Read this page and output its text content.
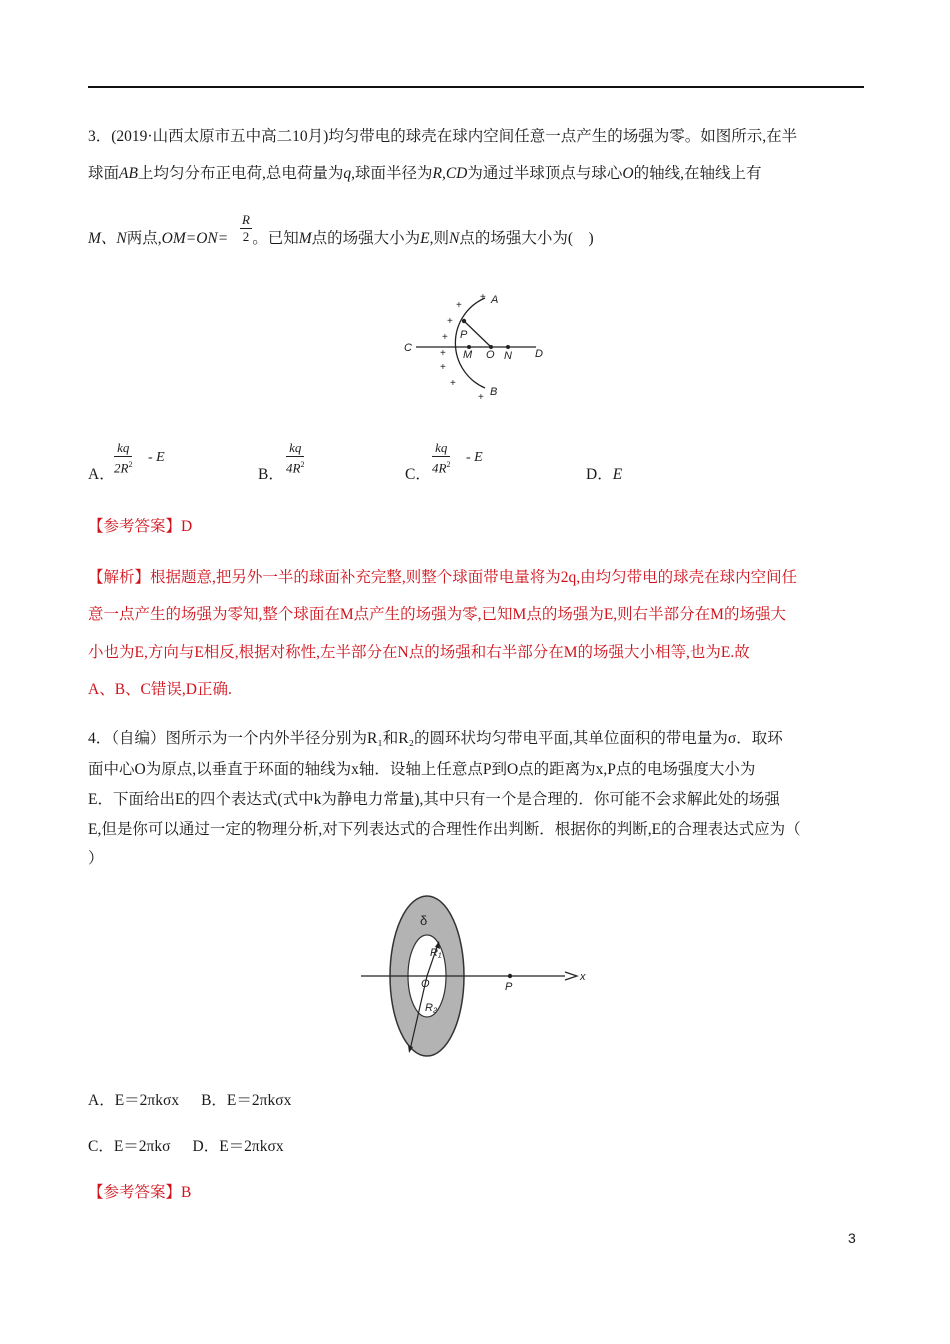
3．(2019·山西太原市五中高二10月)均匀带电的球壳在球内空间任意一点产生的场强为零。如图所示,在半
球面AB上均匀分布正电荷,总电荷量为q,球面半径为R,CD为通过半球顶点与球心O的轴线,在轴线上有
M、N两点,OM=ON= 。已知M点的场强大小为E,则N点的场强大小为(　)
$\frac{R}{2}$
A
B
C	D
P
M O N
+
+
+
+
+
+
+
+
A． $\frac{kq}{2R^2}$ - E
B． $\frac{kq}{4R^2}$	C． $\frac{kq}{4R^2}$ - E
D．E
【参考答案】D
【解析】根据题意,把另外一半的球面补充完整,则整个球面带电量将为2q,由均匀带电的球壳在球内空间任
意一点产生的场强为零知,整个球面在M点产生的场强为零,已知M点的场强为E,则右半部分在M的场强大
小也为E,方向与E相反,根据对称性,左半部分在N点的场强和右半部分在M的场强大小相等,也为E.故
A、B、C错误,D正确.
4．（自编）图所示为一个内外半径分别为R₁和R₂的圆环状均匀带电平面,其单位面积的带电量为σ．取环
面中心O为原点,以垂直于环面的轴线为x轴．设轴上任意点P到O点的距离为x,P点的电场强度大小为
E．下面给出E的四个表达式(式中k为静电力常量),其中只有一个是合理的．你可能不会求解此处的场强
E,但是你可以通过一定的物理分析,对下列表达式的合理性作出判断．根据你的判断,E的合理表达式应为（
）
δ
R₁
O
R₂
P
x
A．E＝2πkσx B．E＝2πkσx
C．E＝2πkσ D．E＝2πkσx
【参考答案】B
3
